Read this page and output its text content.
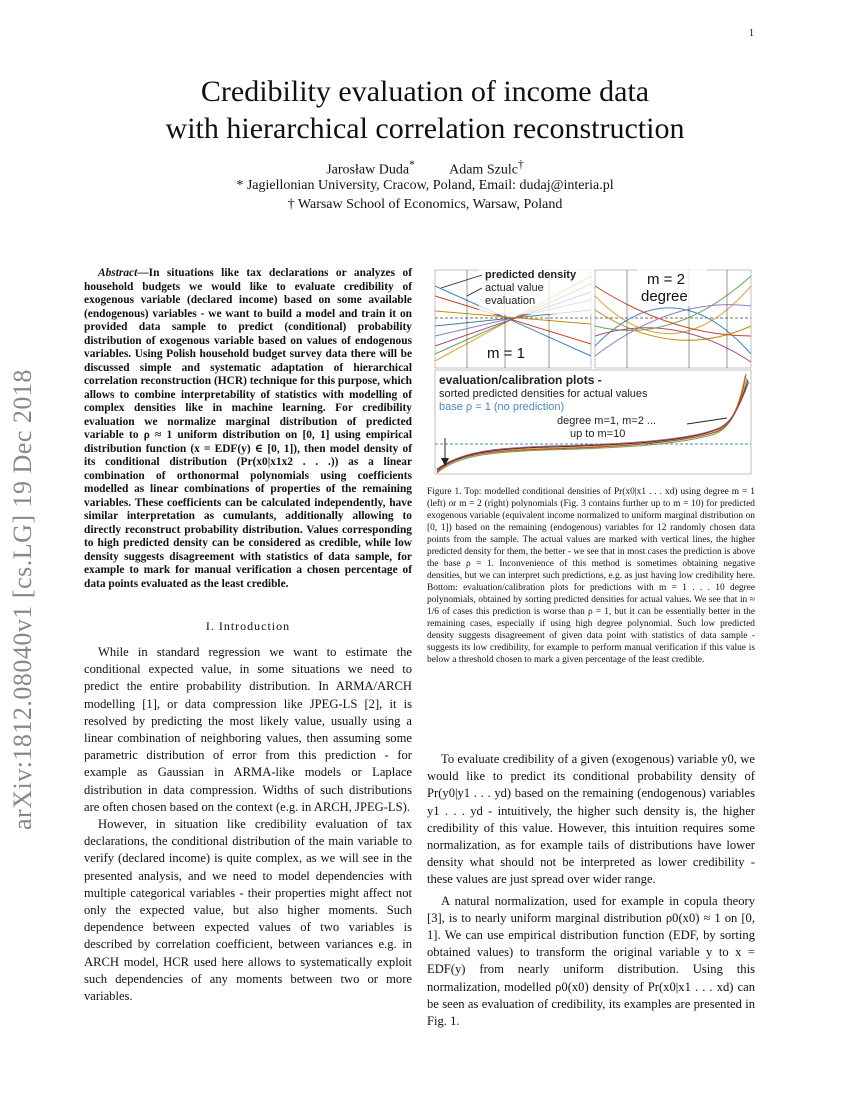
1
arXiv:1812.08040v1 [cs.LG] 19 Dec 2018
Credibility evaluation of income data
with hierarchical correlation reconstruction
Jarosław Duda* Adam Szulc†
* Jagiellonian University, Cracow, Poland, Email: dudaj@interia.pl
† Warsaw School of Economics, Warsaw, Poland

Abstract—In situations like tax declarations or analyzes of household budgets we would like to evaluate credibility of exogenous variable (declared income) based on some available (endogenous) variables - we want to build a model and train it on provided data sample to predict (conditional) probability distribution of exogenous variable based on values of endogenous variables. Using Polish household budget survey data there will be discussed simple and systematic adaptation of hierarchical correlation reconstruction (HCR) technique for this purpose, which allows to combine interpretability of statistics with modelling of complex densities like in machine learning. For credibility evaluation we normalize marginal distribution of predicted variable to ρ ≈ 1 uniform distribution on [0, 1] using empirical distribution function (x = EDF(y) ∈ [0, 1]), then model density of its conditional distribution (Pr(x0|x1x2 . . .)) as a linear combination of orthonormal polynomials using coefficients modelled as linear combinations of properties of the remaining variables. These coefficients can be calculated independently, have similar interpretation as cumulants, additionally allowing to directly reconstruct probability distribution. Values corresponding to high predicted density can be considered as credible, while low density suggests disagreement with statistics of data sample, for example to mark for manual verification a chosen percentage of data points evaluated as the least credible.

I. Introduction

While in standard regression we want to estimate the conditional expected value, in some situations we need to predict the entire probability distribution. In ARMA/ARCH modelling [1], or data compression like JPEG-LS [2], it is resolved by predicting the most likely value, usually using a linear combination of neighboring values, then assuming some parametric distribution of error from this prediction - for example as Gaussian in ARMA-like models or Laplace distribution in data compression. Widths of such distributions are often chosen based on the context (e.g. in ARCH, JPEG-LS).

However, in situation like credibility evaluation of tax declarations, the conditional distribution of the main variable to verify (declared income) is quite complex, as we will see in the presented analysis, and we need to model dependencies with multiple categorical variables - their properties might affect not only the expected value, but also higher moments. Such dependence between expected values of two variables is described by correlation coefficient, between variances e.g. in ARCH model, HCR used here allows to systematically exploit such dependencies of any moments between two or more variables.

predicted density
actual value
evaluation
m = 1
m = 2
degree
evaluation/calibration plots -
sorted predicted densities for actual values
base ρ = 1 (no prediction)
degree m=1, m=2 ...
up to m=10

Figure 1. Top: modelled conditional densities of Pr(x0|x1 . . . xd) using degree m = 1 (left) or m = 2 (right) polynomials (Fig. 3 contains further up to m = 10) for predicted exogenous variable (equivalent income normalized to uniform marginal distribution on [0, 1]) based on the remaining (endogenous) variables for 12 randomly chosen data points from the sample. The actual values are marked with vertical lines, the higher predicted density for them, the better - we see that in most cases the prediction is above the base ρ = 1. Inconvenience of this method is sometimes obtaining negative densities, but we can interpret such predictions, e.g. as just having low credibility here. Bottom: evaluation/calibration plots for predictions with m = 1 . . . 10 degree polynomials, obtained by sorting predicted densities for actual values. We see that in ≈ 1/6 of cases this prediction is worse than ρ = 1, but it can be essentially better in the remaining cases, especially if using high degree polynomial. Such low predicted density suggests disagreement of given data point with statistics of data sample - suggests its low credibility, for example to perform manual verification if this value is below a threshold chosen to mark a given percentage of the least credible.

To evaluate credibility of a given (exogenous) variable y0, we would like to predict its conditional probability density of Pr(y0|y1 . . . yd) based on the remaining (endogenous) variables y1 . . . yd - intuitively, the higher such density is, the higher credibility of this value. However, this intuition requires some normalization, as for example tails of distributions have lower density what should not be interpreted as lower credibility - these values are just spread over wider range.

A natural normalization, used for example in copula theory [3], is to nearly uniform marginal distribution ρ0(x0) ≈ 1 on [0, 1]. We can use empirical distribution function (EDF, by sorting obtained values) to transform the original variable y to x = EDF(y) from nearly uniform distribution. Using this normalization, modelled ρ0(x0) density of Pr(x0|x1 . . . xd) can be seen as evaluation of credibility, its examples are presented in Fig. 1.
